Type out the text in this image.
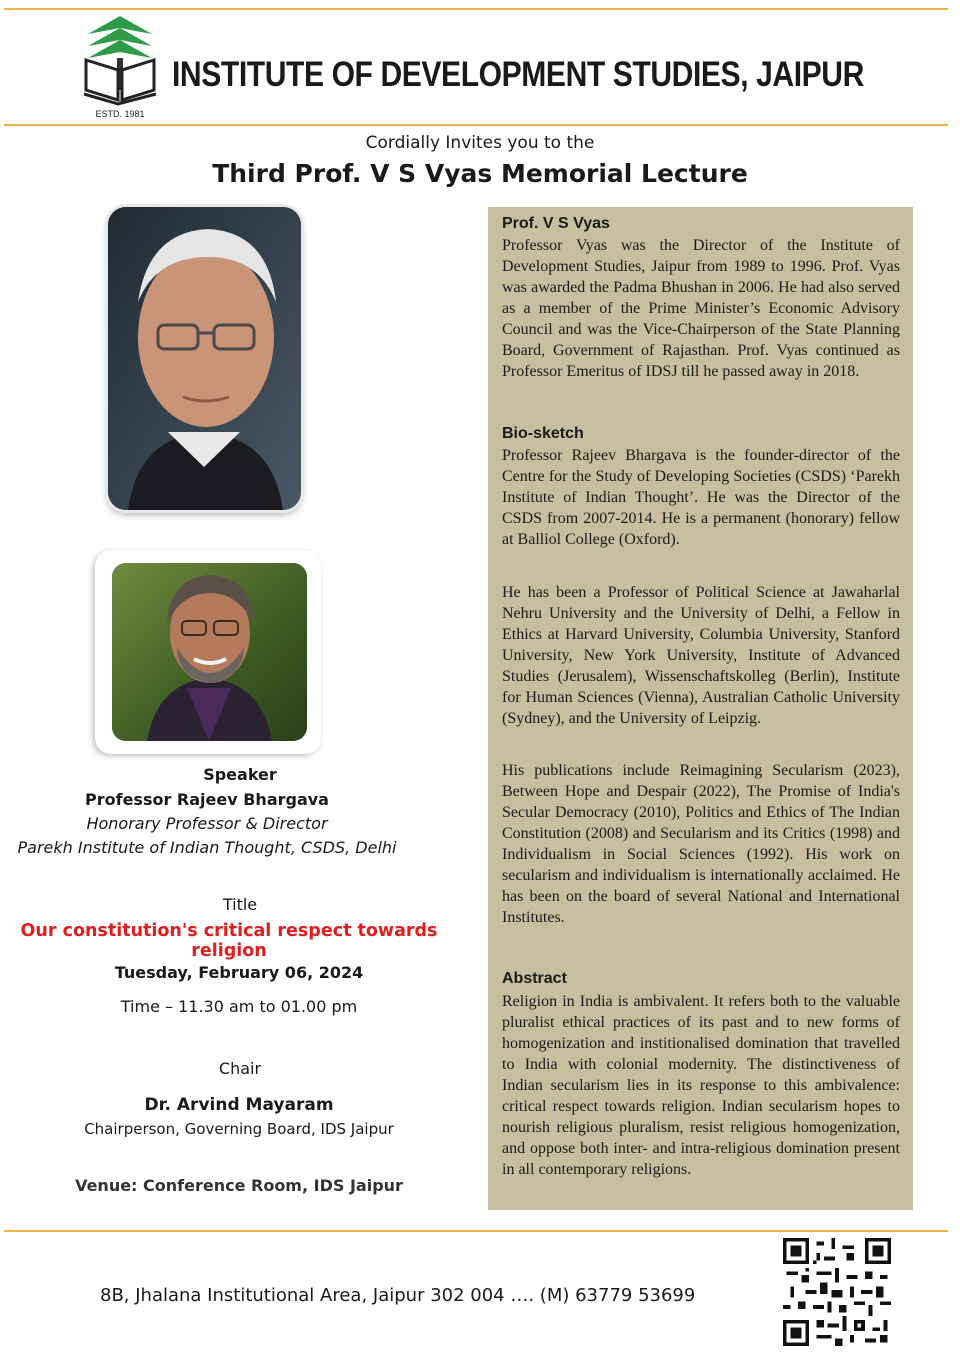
ESTD. 1981
INSTITUTE OF DEVELOPMENT STUDIES, JAIPUR
Cordially Invites you to the
Third Prof. V S Vyas Memorial Lecture
Speaker
Professor Rajeev Bhargava
Honorary Professor & Director
Parekh Institute of Indian Thought, CSDS, Delhi
Title
Our constitution's critical respect towards religion
Tuesday, February 06, 2024
Time – 11.30 am to 01.00 pm
Chair
Dr. Arvind Mayaram
Chairperson, Governing Board, IDS Jaipur
Venue: Conference Room, IDS Jaipur
Prof. V S Vyas
Professor Vyas was the Director of the Institute of Development Studies, Jaipur from 1989 to 1996. Prof. Vyas was awarded the Padma Bhushan in 2006. He had also served as a member of the Prime Minister’s Economic Advisory Council and was the Vice-Chairperson of the State Planning Board, Government of Rajasthan. Prof. Vyas continued as Professor Emeritus of IDSJ till he passed away in 2018.
Bio-sketch
Professor Rajeev Bhargava is the founder-director of the Centre for the Study of Developing Societies (CSDS) ‘Parekh Institute of Indian Thought’. He was the Director of the CSDS from 2007-2014. He is a permanent (honorary) fellow at Balliol College (Oxford).
He has been a Professor of Political Science at Jawaharlal Nehru University and the University of Delhi, a Fellow in Ethics at Harvard University, Columbia University, Stanford University, New York University, Institute of Advanced Studies (Jerusalem), Wissenschaftskolleg (Berlin), Institute for Human Sciences (Vienna), Australian Catholic University (Sydney), and the University of Leipzig.
His publications include Reimagining Secularism (2023), Between Hope and Despair (2022), The Promise of India's Secular Democracy (2010), Politics and Ethics of The Indian Constitution (2008) and Secularism and its Critics (1998) and Individualism in Social Sciences (1992). His work on secularism and individualism is internationally acclaimed. He has been on the board of several National and International Institutes.
Abstract
Religion in India is ambivalent. It refers both to the valuable pluralist ethical practices of its past and to new forms of homogenization and institionalised domination that travelled to India with colonial modernity. The distinctiveness of Indian secularism lies in its response to this ambivalence: critical respect towards religion. Indian secularism hopes to nourish religious pluralism, resist religious homogenization, and oppose both inter- and intra-religious domination present in all contemporary religions.
8B, Jhalana Institutional Area, Jaipur 302 004 …. (M) 63779 53699
